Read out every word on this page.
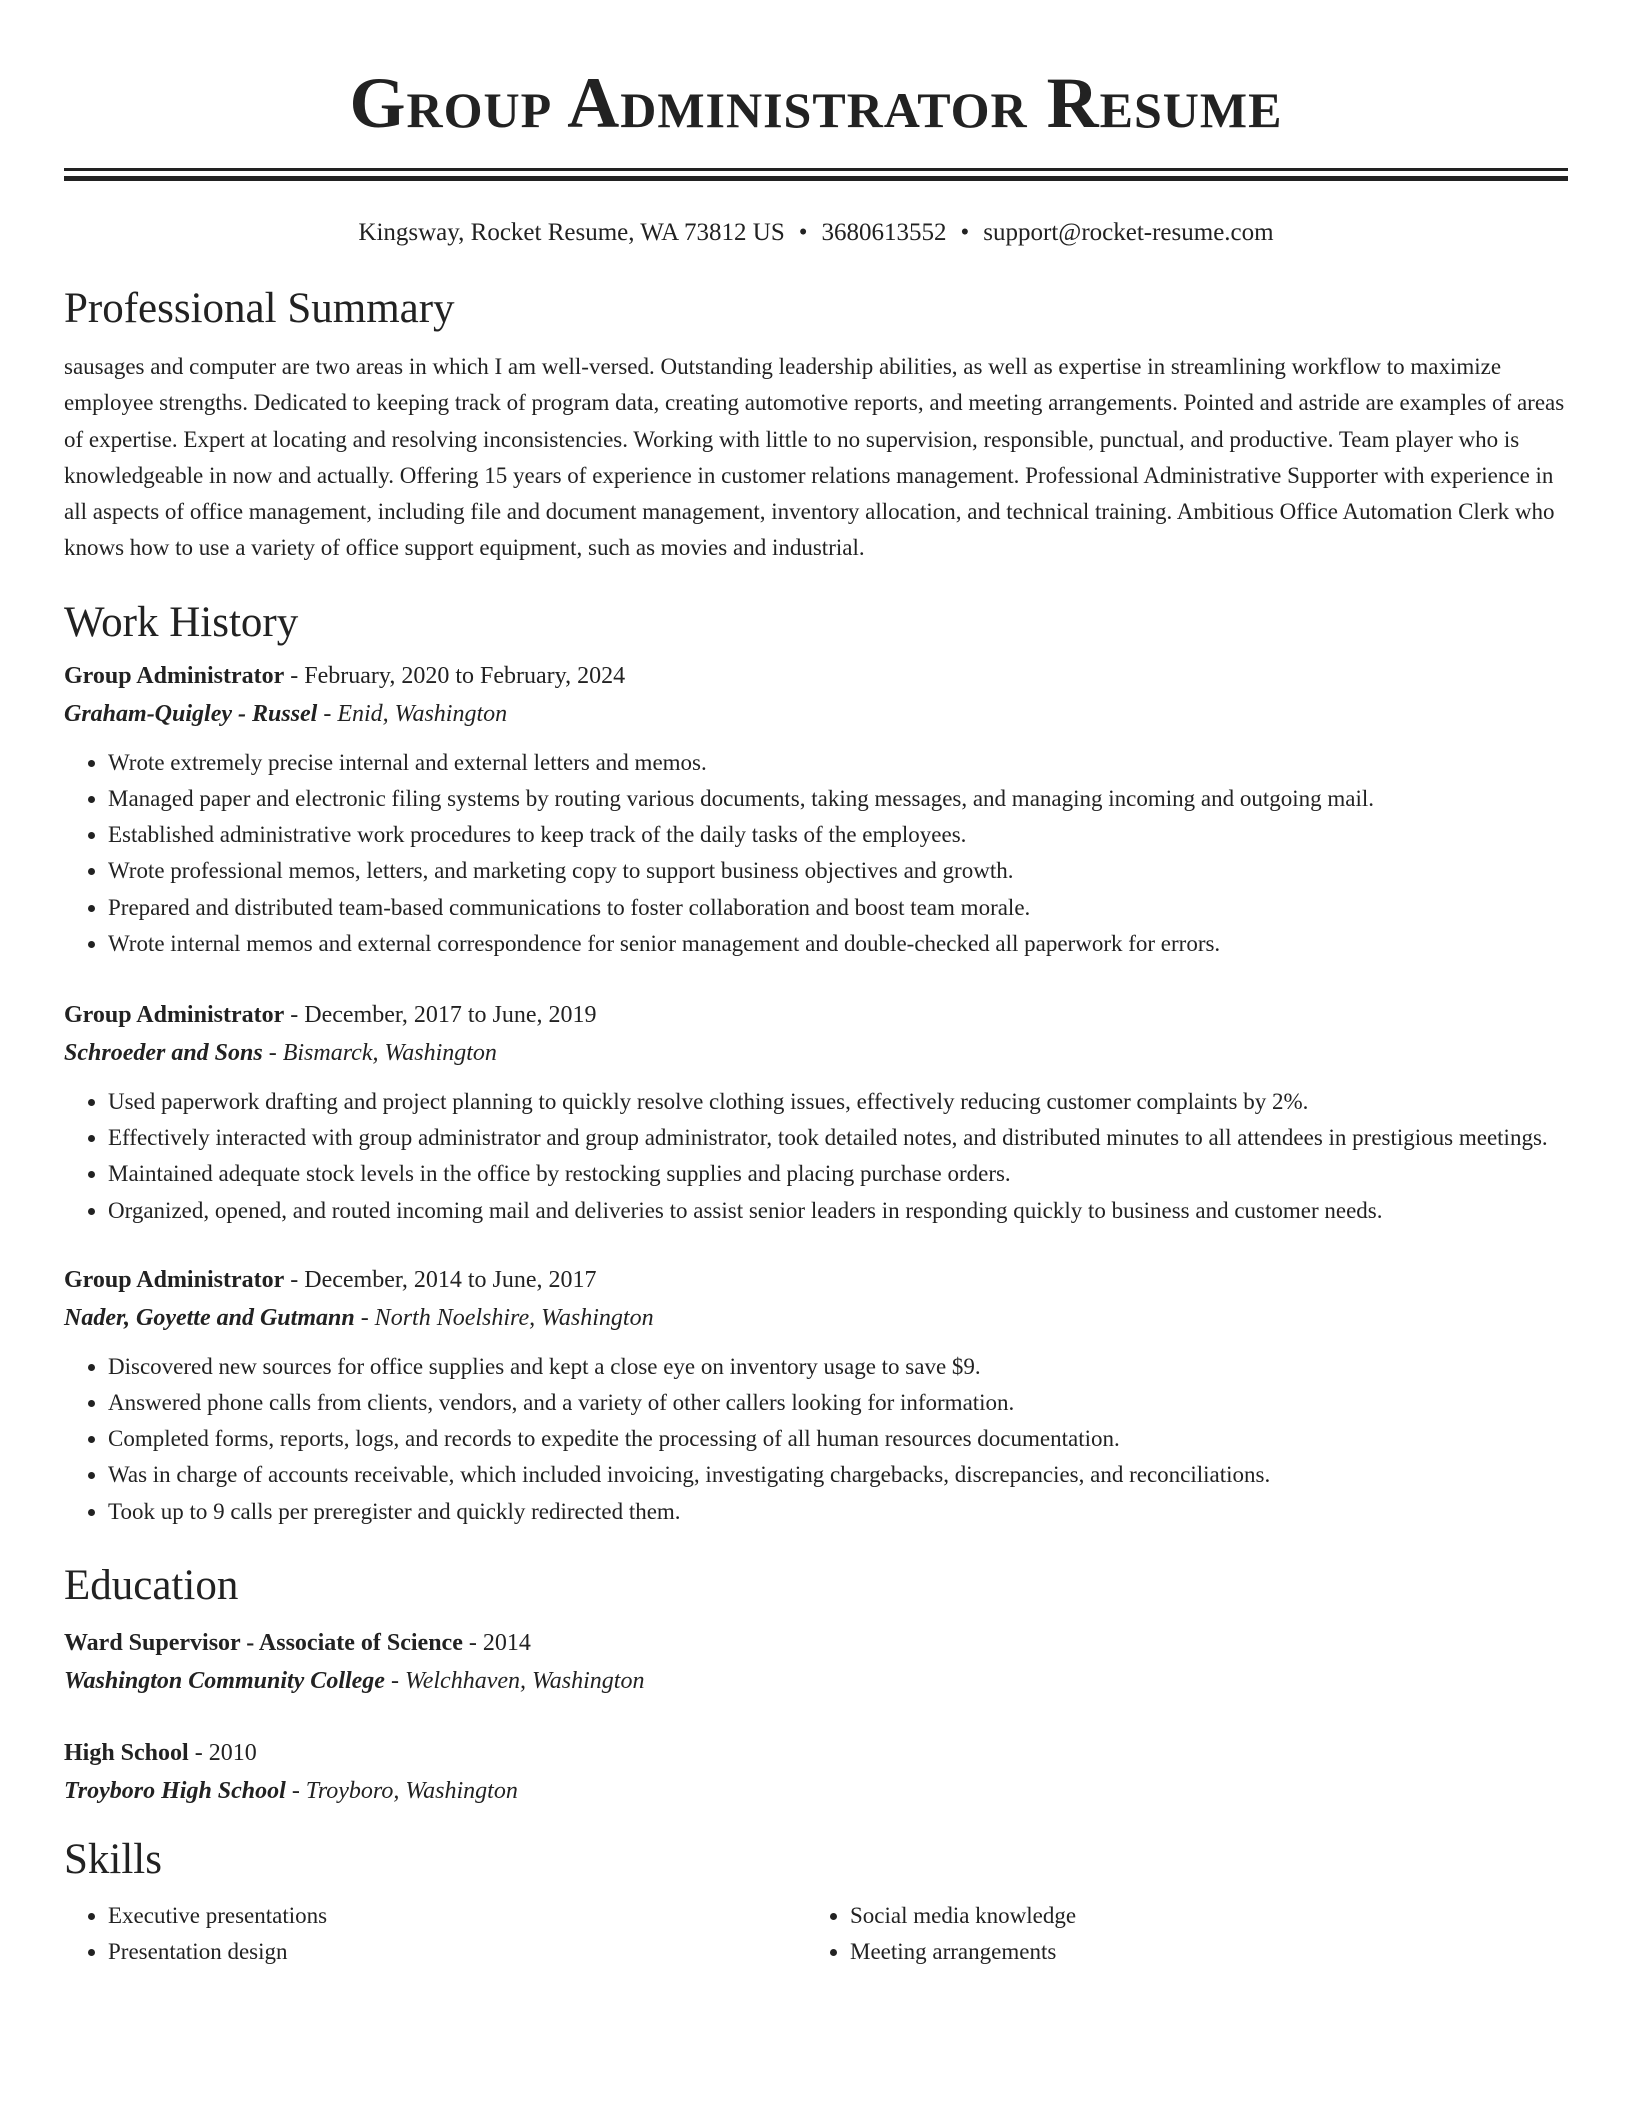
Group Administrator Resume
Kingsway, Rocket Resume, WA 73812 US • 3680613552 • support@rocket-resume.com
Professional Summary
sausages and computer are two areas in which I am well-versed. Outstanding leadership abilities, as well as expertise in streamlining workflow to maximize employee strengths. Dedicated to keeping track of program data, creating automotive reports, and meeting arrangements. Pointed and astride are examples of areas of expertise. Expert at locating and resolving inconsistencies. Working with little to no supervision, responsible, punctual, and productive. Team player who is knowledgeable in now and actually. Offering 15 years of experience in customer relations management. Professional Administrative Supporter with experience in all aspects of office management, including file and document management, inventory allocation, and technical training. Ambitious Office Automation Clerk who knows how to use a variety of office support equipment, such as movies and industrial.
Work History
Group Administrator - February, 2020 to February, 2024
Graham-Quigley - Russel - Enid, Washington
• Wrote extremely precise internal and external letters and memos.
• Managed paper and electronic filing systems by routing various documents, taking messages, and managing incoming and outgoing mail.
• Established administrative work procedures to keep track of the daily tasks of the employees.
• Wrote professional memos, letters, and marketing copy to support business objectives and growth.
• Prepared and distributed team-based communications to foster collaboration and boost team morale.
• Wrote internal memos and external correspondence for senior management and double-checked all paperwork for errors.
Group Administrator - December, 2017 to June, 2019
Schroeder and Sons - Bismarck, Washington
• Used paperwork drafting and project planning to quickly resolve clothing issues, effectively reducing customer complaints by 2%.
• Effectively interacted with group administrator and group administrator, took detailed notes, and distributed minutes to all attendees in prestigious meetings.
• Maintained adequate stock levels in the office by restocking supplies and placing purchase orders.
• Organized, opened, and routed incoming mail and deliveries to assist senior leaders in responding quickly to business and customer needs.
Group Administrator - December, 2014 to June, 2017
Nader, Goyette and Gutmann - North Noelshire, Washington
• Discovered new sources for office supplies and kept a close eye on inventory usage to save $9.
• Answered phone calls from clients, vendors, and a variety of other callers looking for information.
• Completed forms, reports, logs, and records to expedite the processing of all human resources documentation.
• Was in charge of accounts receivable, which included invoicing, investigating chargebacks, discrepancies, and reconciliations.
• Took up to 9 calls per preregister and quickly redirected them.
Education
Ward Supervisor - Associate of Science - 2014
Washington Community College - Welchhaven, Washington
High School - 2010
Troyboro High School - Troyboro, Washington
Skills
• Executive presentations
• Presentation design
• Social media knowledge
• Meeting arrangements
